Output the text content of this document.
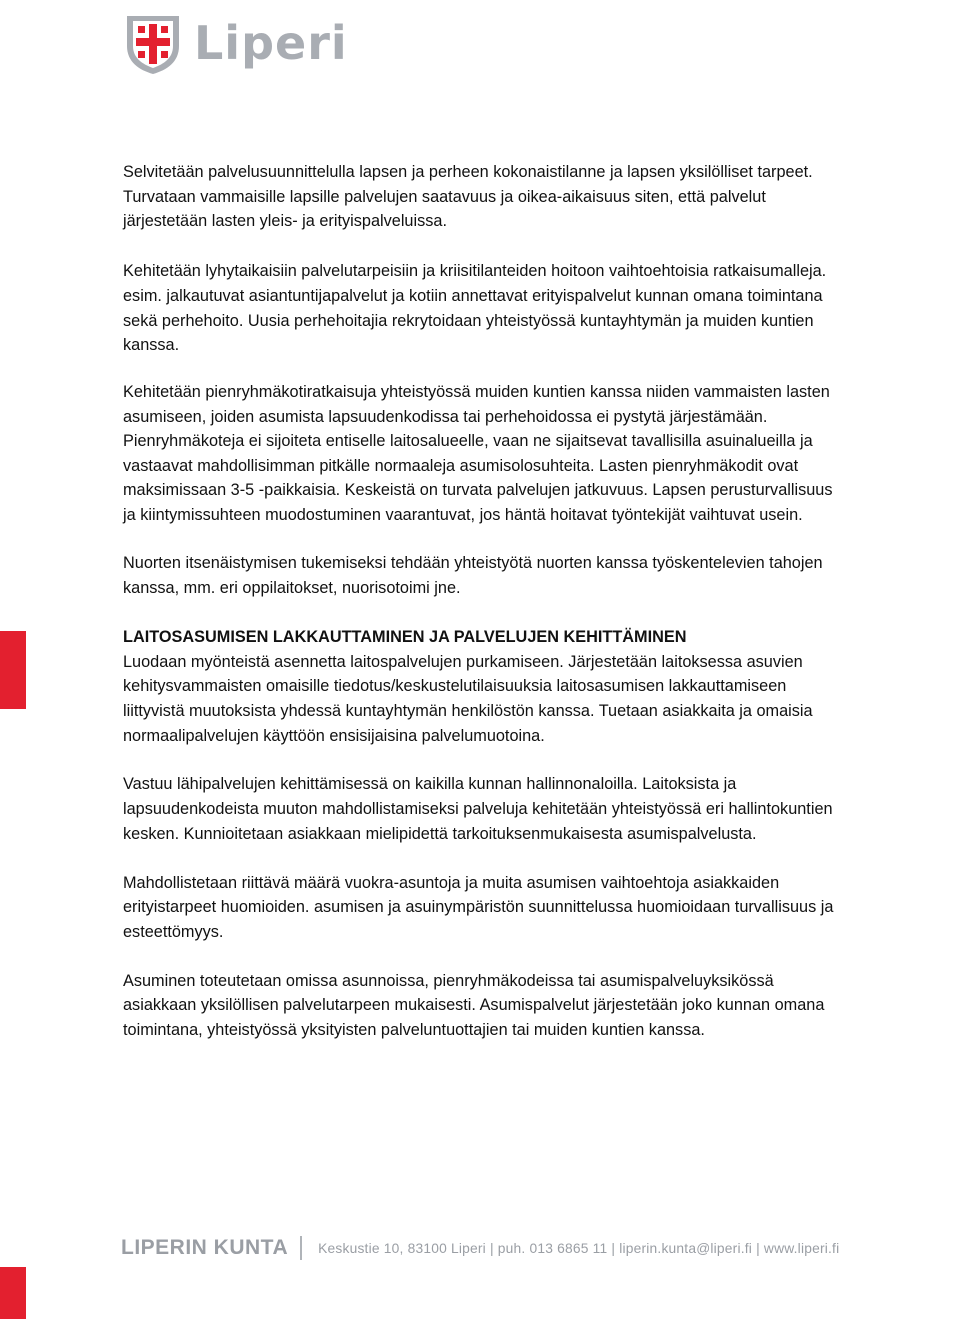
Liperi

Selvitetään palvelusuunnittelulla lapsen ja perheen kokonaistilanne ja lapsen yksilölliset tarpeet. Turvataan vammaisille lapsille palvelujen saatavuus ja oikea-aikaisuus siten, että palvelut järjestetään lasten yleis- ja erityispalveluissa.

Kehitetään lyhytaikaisiin palvelutarpeisiin ja kriisitilanteiden hoitoon vaihtoehtoisia ratkaisumalleja. esim. jalkautuvat asiantuntijapalvelut ja kotiin annettavat erityispalvelut kunnan omana toimintana sekä perhehoito. Uusia perhehoitajia rekrytoidaan yhteistyössä kuntayhtymän ja muiden kuntien kanssa.

Kehitetään pienryhmäkotiratkaisuja yhteistyössä muiden kuntien kanssa niiden vammaisten lasten asumiseen, joiden asumista lapsuudenkodissa tai perhehoidossa ei pystytä järjestämään. Pienryhmäkoteja ei sijoiteta entiselle laitosalueelle, vaan ne sijaitsevat tavallisilla asuinalueilla ja vastaavat mahdollisimman pitkälle normaaleja asumisolosuhteita. Lasten pienryhmäkodit ovat maksimissaan 3-5 -paikkaisia. Keskeistä on turvata palvelujen jatkuvuus. Lapsen perusturvallisuus ja kiintymissuhteen muodostuminen vaarantuvat, jos häntä hoitavat työntekijät vaihtuvat usein.

Nuorten itsenäistymisen tukemiseksi tehdään yhteistyötä nuorten kanssa työskentelevien tahojen kanssa, mm. eri oppilaitokset, nuorisotoimi jne.

LAITOSASUMISEN LAKKAUTTAMINEN JA PALVELUJEN KEHITTÄMINEN

Luodaan myönteistä asennetta laitospalvelujen purkamiseen. Järjestetään laitoksessa asuvien kehitysvammaisten omaisille tiedotus/keskustelutilaisuuksia laitosasumisen lakkauttamiseen liittyvistä muutoksista yhdessä kuntayhtymän henkilöstön kanssa. Tuetaan asiakkaita ja omaisia normaalipalvelujen käyttöön ensisijaisina palvelumuotoina.

Vastuu lähipalvelujen kehittämisessä on kaikilla kunnan hallinnonaloilla. Laitoksista ja lapsuudenkodeista muuton mahdollistamiseksi palveluja kehitetään yhteistyössä eri hallintokuntien kesken. Kunnioitetaan asiakkaan mielipidettä tarkoituksenmukaisesta asumispalvelusta.

Mahdollistetaan riittävä määrä vuokra-asuntoja ja muita asumisen vaihtoehtoja asiakkaiden erityistarpeet huomioiden. asumisen ja asuinympäristön suunnittelussa huomioidaan turvallisuus ja esteettömyys.

Asuminen toteutetaan omissa asunnoissa, pienryhmäkodeissa tai asumispalveluyksikössä asiakkaan yksilöllisen palvelutarpeen mukaisesti. Asumispalvelut järjestetään joko kunnan omana toimintana, yhteistyössä yksityisten palveluntuottajien tai muiden kuntien kanssa.

LIPERIN KUNTA Keskustie 10, 83100 Liperi | puh. 013 6865 11 | liperin.kunta@liperi.fi | www.liperi.fi
